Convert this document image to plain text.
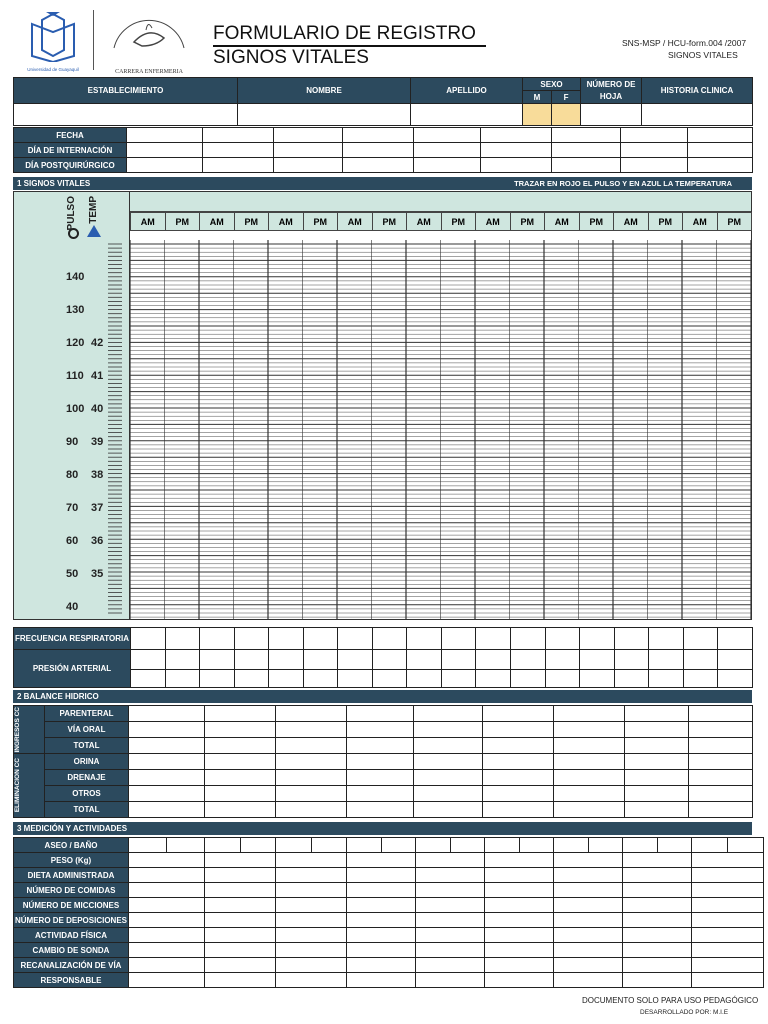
Universidad de Guayaquil	CARRERA ENFERMERIA
FORMULARIO DE REGISTRO
SIGNOS VITALES
SNS-MSP / HCU-form.004 /2007
SIGNOS VITALES
ESTABLECIMIENTO	NOMBRE	APELLIDO	SEXO		NÚMERO DE HOJA	HISTORIA CLINICA
			M	F		

FECHA									
DÍA DE INTERNACIÓN									
DÍA POSTQUIRÚRGICO									
1 SIGNOS VITALES	TRAZAR EN ROJO EL PULSO Y EN AZUL LA TEMPERATURA
PULSO TEMP
140
130
120
110
100
90
80
70
60
50
40
42
41
40
39
38
37
36
35
AM	PM	AM	PM	AM	PM	AM	PM	AM	PM	AM	PM	AM	PM	AM	PM	AM	PM
FRECUENCIA RESPIRATORIA																		
PRESIÓN ARTERIAL																		

2 BALANCE HIDRICO
INGRESOS CC	PARENTERAL									
	VÍA ORAL									
	TOTAL									

ELIMINACIÓN CC	ORINA									
	DRENAJE									
	OTROS									
	TOTAL									
3 MEDICIÓN Y ACTIVIDADES
ASEO / BAÑO																		
PESO (Kg)																		
DIETA ADMINISTRADA																		
NÚMERO DE COMIDAS																		
NÚMERO DE MICCIONES																		
NÚMERO DE DEPOSICIONES																		
ACTIVIDAD FÍSICA																		
CAMBIO DE SONDA																		
RECANALIZACIÓN DE VÍA																		
RESPONSABLE																		
DOCUMENTO SOLO PARA USO PEDAGÓGICO
DESARROLLADO POR: M.I.E
